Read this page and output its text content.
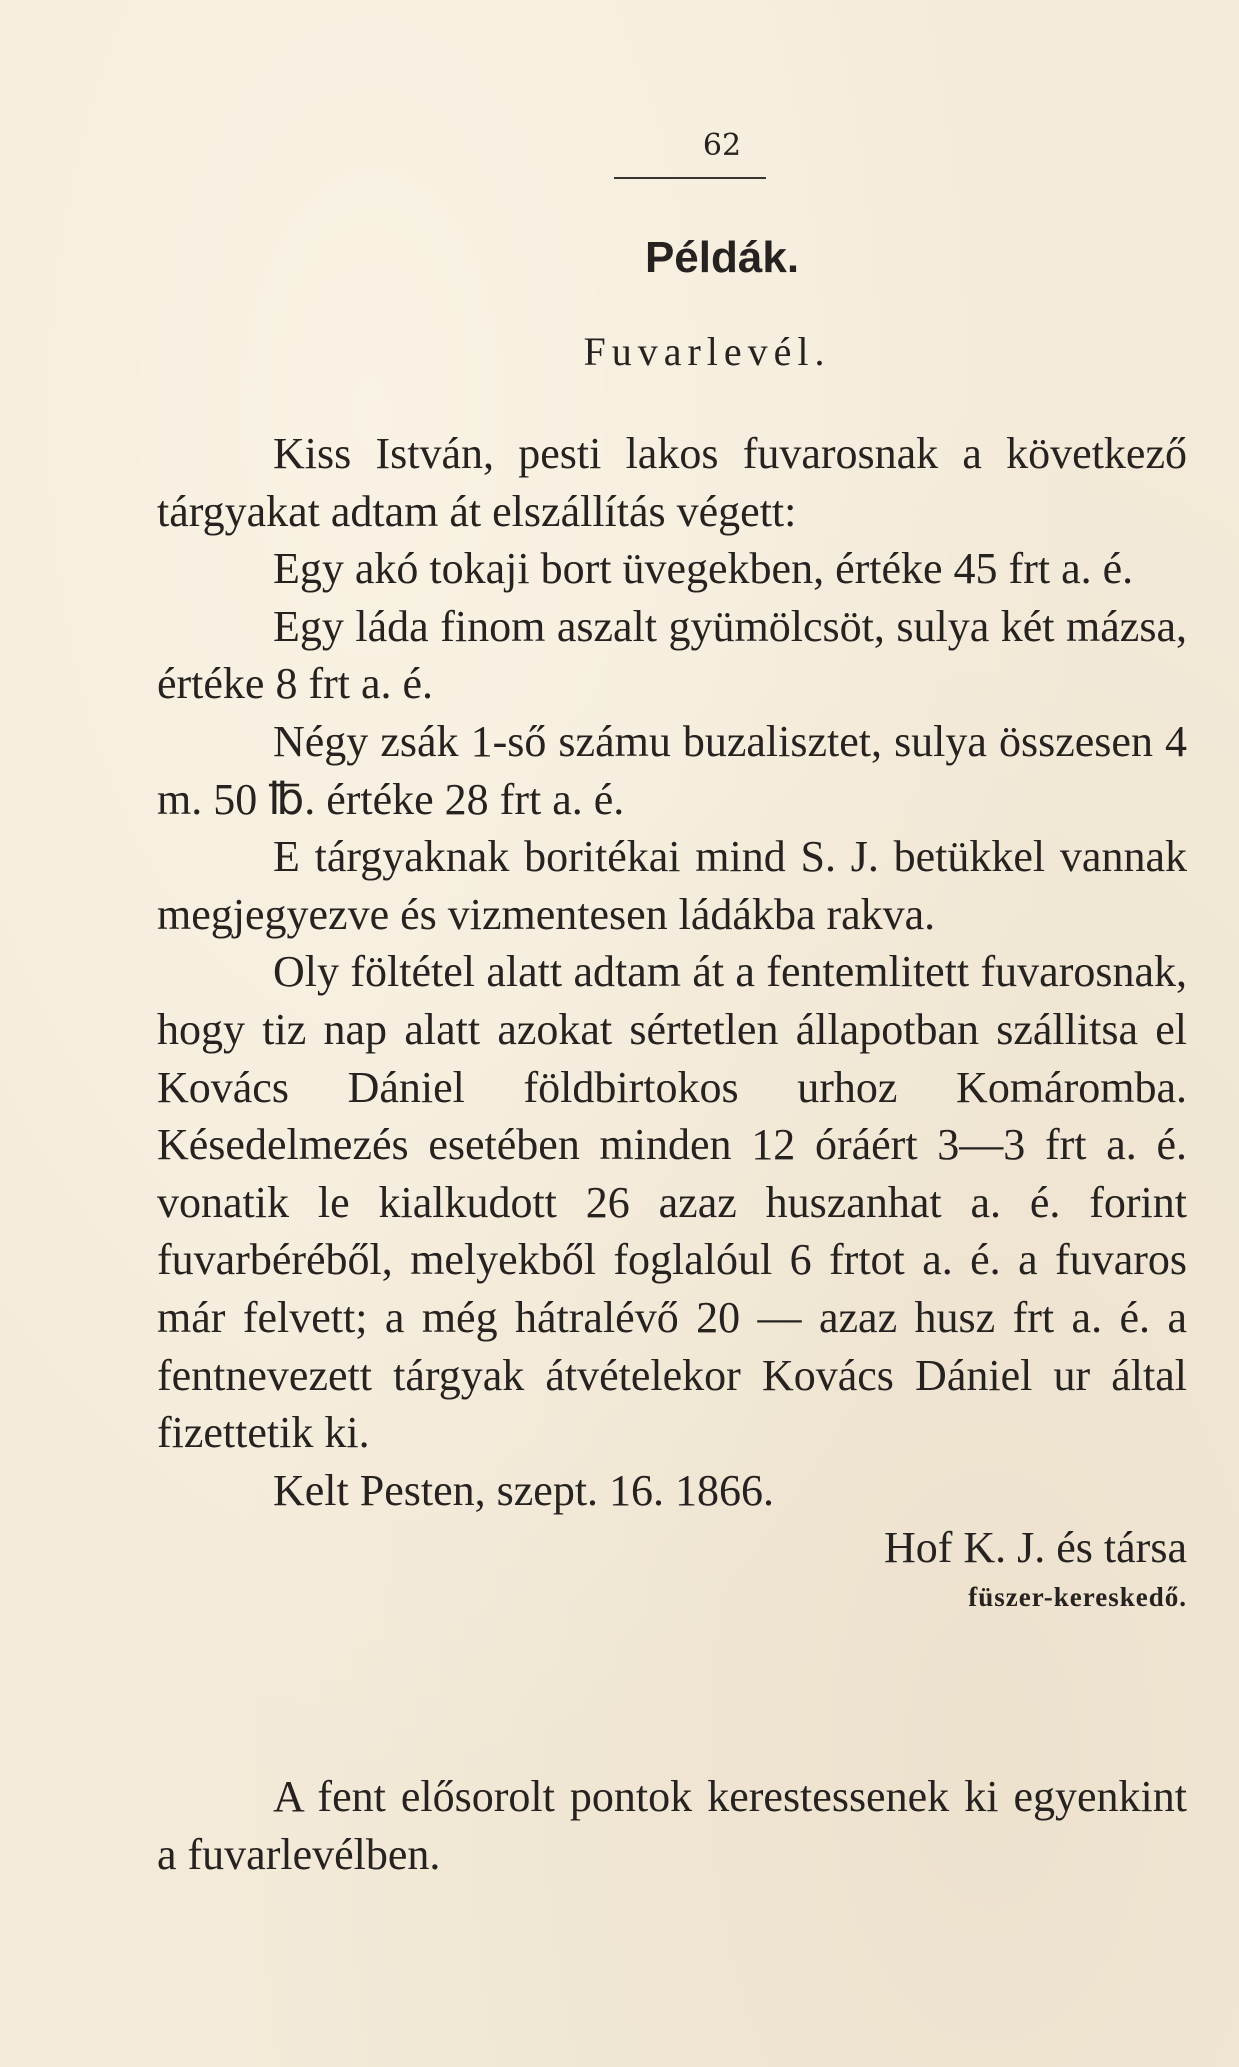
62
Példák.
Fuvarlevél.

Kiss István, pesti lakos fuvarosnak a következő tárgyakat adtam át elszállítás végett:

Egy akó tokaji bort üvegekben, értéke 45 frt a. é.

Egy láda finom aszalt gyümölcsöt, sulya két mázsa, értéke 8 frt a. é.

Négy zsák 1-ső számu buzalisztet, sulya összesen 4 m. 50 ℔. értéke 28 frt a. é.

E tárgyaknak boritékai mind S. J. betükkel vannak megjegyezve és vizmentesen ládákba rakva.

Oly föltétel alatt adtam át a fentemlitett fuvarosnak, hogy tiz nap alatt azokat sértetlen állapotban szállitsa el Kovács Dániel földbirtokos urhoz Komáromba. Késedelmezés esetében minden 12 óráért 3—3 frt a. é. vonatik le kialkudott 26 azaz huszanhat a. é. forint fuvarbéréből, melyekből foglalóul 6 frtot a. é. a fuvaros már felvett; a még hátralévő 20 — azaz husz frt a. é. a fentnevezett tárgyak átvételekor Kovács Dániel ur által fizettetik ki.

Kelt Pesten, szept. 16. 1866.

Hof K. J. és társa

füszer-kereskedő.

A fent elősorolt pontok kerestessenek ki egyenkint a fuvarlevélben.
